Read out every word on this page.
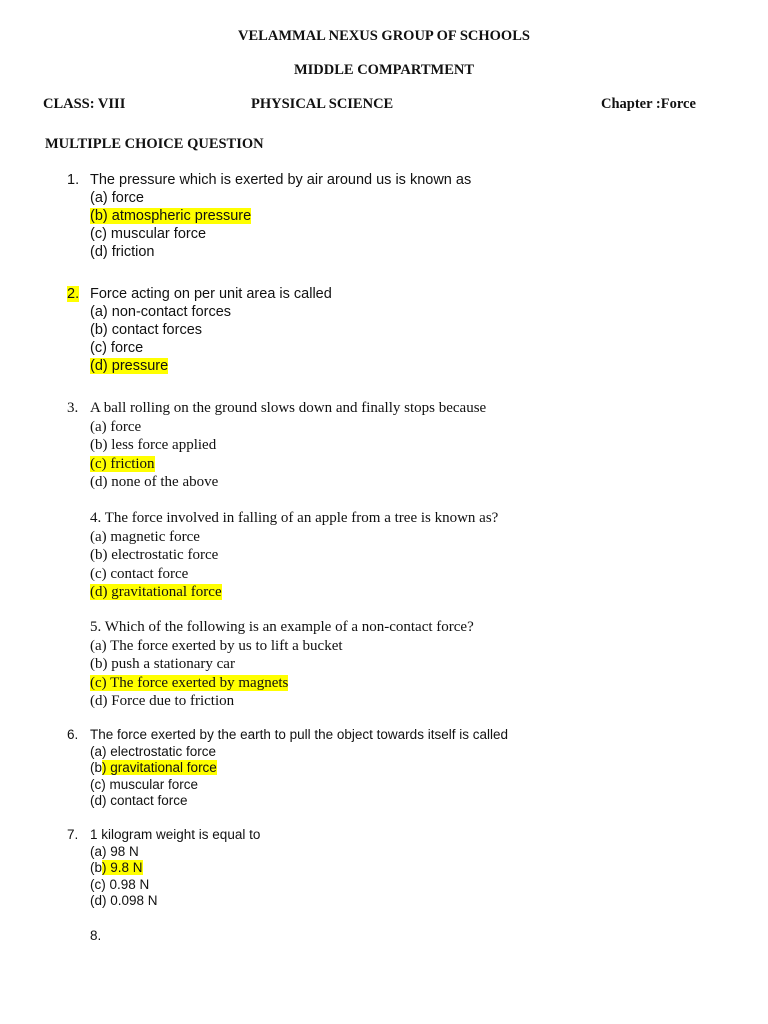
VELAMMAL NEXUS GROUP OF SCHOOLS
MIDDLE COMPARTMENT
CLASS: VIII	PHYSICAL SCIENCE	Chapter :Force
MULTIPLE CHOICE QUESTION
1. The pressure which is exerted by air around us is known as
(a) force
(b) atmospheric pressure
(c) muscular force
(d) friction
2. Force acting on per unit area is called
(a) non-contact forces
(b) contact forces
(c) force
(d) pressure
3. A ball rolling on the ground slows down and finally stops because
(a) force
(b) less force applied
(c) friction
(d) none of the above
4. The force involved in falling of an apple from a tree is known as?
(a) magnetic force
(b) electrostatic force
(c) contact force
(d) gravitational force
5. Which of the following is an example of a non-contact force?
(a) The force exerted by us to lift a bucket
(b) push a stationary car
(c) The force exerted by magnets
(d) Force due to friction
6. The force exerted by the earth to pull the object towards itself is called
(a) electrostatic force
(b) gravitational force
(c) muscular force
(d) contact force
7. 1 kilogram weight is equal to
(a) 98 N
(b) 9.8 N
(c) 0.98 N
(d) 0.098 N
8.
